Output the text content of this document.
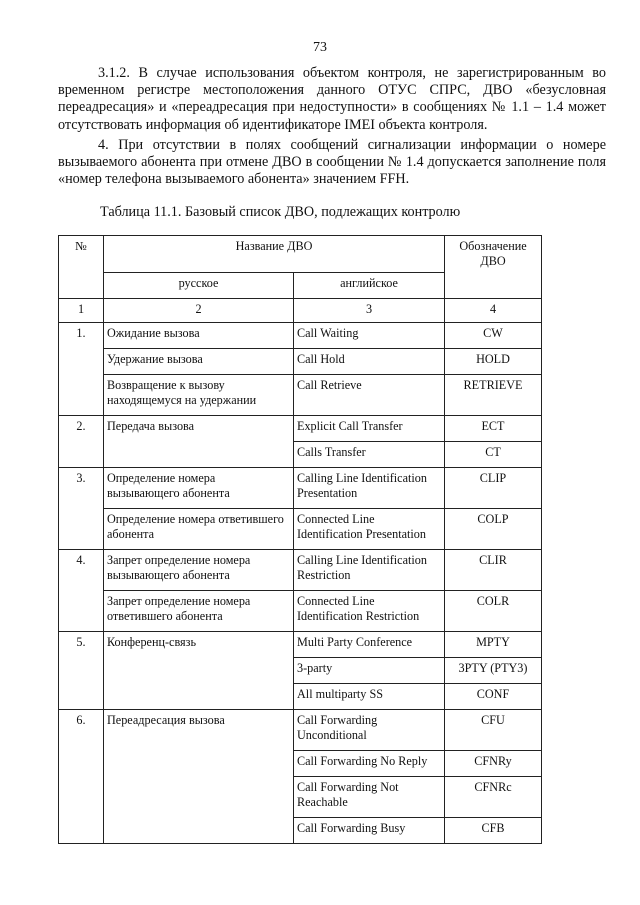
73

3.1.2. В случае использования объектом контроля, не зарегистрированным во временном регистре местоположения данного ОТУС СПРС, ДВО «безусловная переадресация» и «переадресация при недоступности» в сообщениях № 1.1 – 1.4 может отсутствовать информация об идентификаторе IMEI объекта контроля.

4. При отсутствии в полях сообщений сигнализации информации о номере вызываемого абонента при отмене ДВО в сообщении № 1.4 допускается заполнение поля «номер телефона вызываемого абонента» значением FFH.

Таблица 11.1. Базовый список ДВО, подлежащих контролю
№	Название ДВО		Обозначение ДВО
	русское	английское	
1	2	3	4
1.	Ожидание вызова	Call Waiting	CW
	Удержание вызова	Call Hold	HOLD
	Возвращение к вызову находящемуся на удержании	Call Retrieve	RETRIEVE
2.	Передача вызова	Explicit Call Transfer	ECT
		Calls Transfer	CT
3.	Определение номера вызывающего абонента	Calling Line Identification Presentation	CLIP
	Определение номера ответившего абонента	Connected Line Identification Presentation	COLP
4.	Запрет определение номера вызывающего абонента	Calling Line Identification Restriction	CLIR
	Запрет определение номера ответившего абонента	Connected Line Identification Restriction	COLR
5.	Конференц-связь	Multi Party Conference	MPTY
		3-party	3PTY (PTY3)
		All multiparty SS	CONF
6.	Переадресация вызова	Call Forwarding Unconditional	CFU
		Call Forwarding No Reply	CFNRy
		Call Forwarding Not Reachable	CFNRc
		Call Forwarding Busy	CFB
